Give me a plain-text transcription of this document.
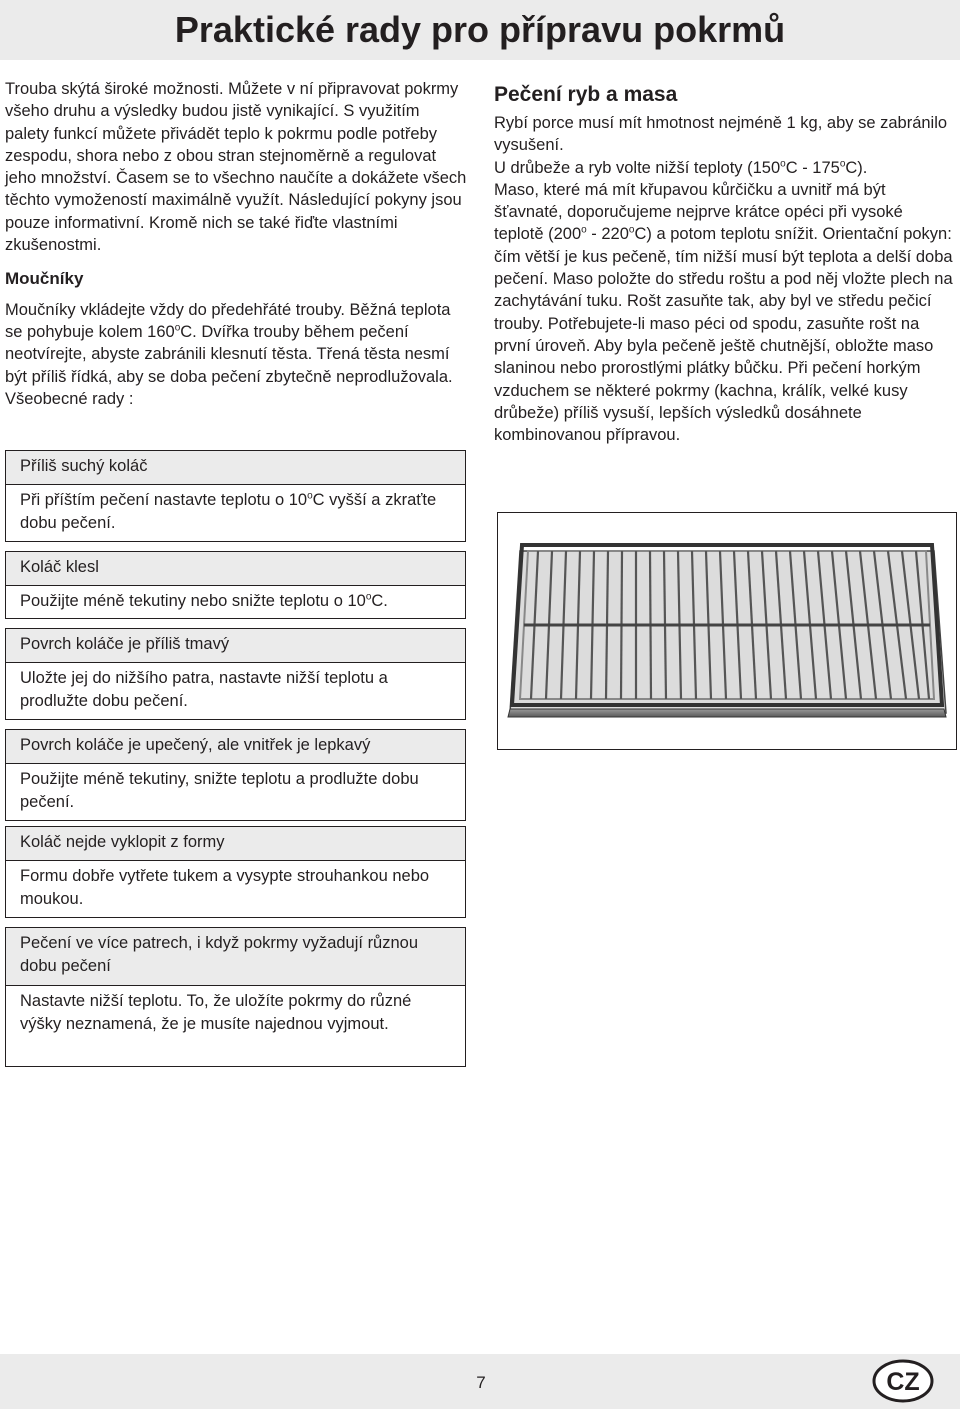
Praktické rady pro přípravu pokrmů

Trouba skýtá široké možnosti. Můžete v ní připravovat pokrmy všeho druhu a výsledky budou jistě vynikající. S využitím palety funkcí můžete přivádět teplo k pokrmu podle potřeby zespodu, shora nebo z obou stran stejnoměrně a regulovat jeho množství. Časem se to všechno naučíte a dokážete všech těchto vymožeností maximálně využít. Následující pokyny jsou pouze informativní. Kromě nich se také řiďte vlastními zkušenostmi.

Moučníky

Moučníky vkládejte vždy do předehřáté trouby. Běžná teplota se pohybuje kolem 160$^o$C. Dvířka trouby během pečení neotvírejte, abyste zabránili klesnutí těsta. Třená těsta nesmí být příliš řídká, aby se doba pečení zbytečně neprodlužovala. Všeobecné rady :

Příliš suchý koláč
Při příštím pečení nastavte teplotu o 10$^o$C vyšší a zkraťte dobu pečení.
Koláč klesl
Použijte méně tekutiny nebo snižte teplotu o 10$^o$C.
Povrch koláče je příliš tmavý
Uložte jej do nižšího patra, nastavte nižší teplotu a prodlužte dobu pečení.
Povrch koláče je upečený, ale vnitřek je lepkavý
Použijte méně tekutiny, snižte teplotu a prodlužte dobu pečení.
Koláč nejde vyklopit z formy
Formu dobře vytřete tukem a vysypte strouhankou nebo moukou.
Pečení ve více patrech, i když pokrmy vyžadují různou dobu pečení
Nastavte nižší teplotu. To, že uložíte pokrmy do různé výšky neznamená, že je musíte najednou vyjmout.
Pečení ryb a masa

Rybí porce musí mít hmotnost nejméně 1 kg, aby se zabránilo vysušení.

U drůbeže a ryb volte nižší teploty (150$^o$C - 175$^o$C).

Maso, které má mít křupavou kůrčičku a uvnitř má být šťavnaté, doporučujeme nejprve krátce opéci při vysoké teplotě (200$^o$ - 220$^o$C) a potom teplotu snížit. Orientační pokyn: čím větší je kus pečeně, tím nižší musí být teplota a delší doba pečení. Maso položte do středu roštu a pod něj vložte plech na zachytávání tuku. Rošt zasuňte tak, aby byl ve středu pečicí trouby. Potřebujete-li maso péci od spodu, zasuňte rošt na první úroveň. Aby byla pečeně ještě chutnější, obložte maso slaninou nebo prorostlými plátky bůčku. Při pečení horkým vzduchem se některé pokrmy (kachna, králík, velké kusy drůbeže) příliš vysuší, lepších výsledků dosáhnete kombinovanou přípravou.

7	CZ
